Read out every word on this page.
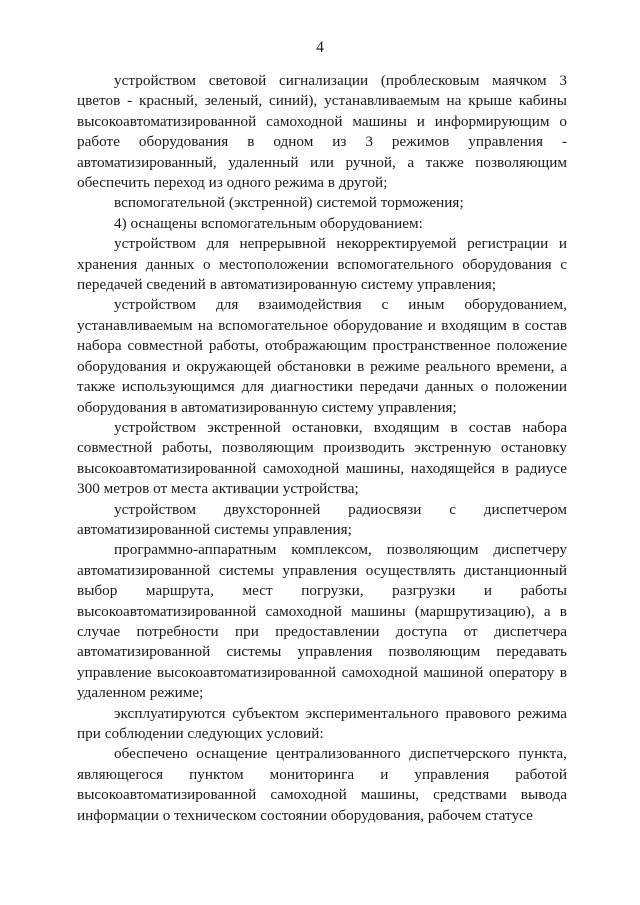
4

устройством световой сигнализации (проблесковым маячком 3 цветов - красный, зеленый, синий), устанавливаемым на крыше кабины высокоавтоматизированной самоходной машины и информирующим о работе оборудования в одном из 3 режимов управления - автоматизированный, удаленный или ручной, а также позволяющим обеспечить переход из одного режима в другой;

вспомогательной (экстренной) системой торможения;

4) оснащены вспомогательным оборудованием:

устройством для непрерывной некорректируемой регистрации и хранения данных о местоположении вспомогательного оборудования с передачей сведений в автоматизированную систему управления;

устройством для взаимодействия с иным оборудованием, устанавливаемым на вспомогательное оборудование и входящим в состав набора совместной работы, отображающим пространственное положение оборудования и окружающей обстановки в режиме реального времени, а также использующимся для диагностики передачи данных о положении оборудования в автоматизированную систему управления;

устройством экстренной остановки, входящим в состав набора совместной работы, позволяющим производить экстренную остановку высокоавтоматизированной самоходной машины, находящейся в радиусе 300 метров от места активации устройства;

устройством двухсторонней радиосвязи с диспетчером автоматизированной системы управления;

программно-аппаратным комплексом, позволяющим диспетчеру автоматизированной системы управления осуществлять дистанционный выбор маршрута, мест погрузки, разгрузки и работы высокоавтоматизированной самоходной машины (маршрутизацию), а в случае потребности при предоставлении доступа от диспетчера автоматизированной системы управления позволяющим передавать управление высокоавтоматизированной самоходной машиной оператору в удаленном режиме;

эксплуатируются субъектом экспериментального правового режима при соблюдении следующих условий:

обеспечено оснащение централизованного диспетчерского пункта, являющегося пунктом мониторинга и управления работой высокоавтоматизированной самоходной машины, средствами вывода информации о техническом состоянии оборудования, рабочем статусе
